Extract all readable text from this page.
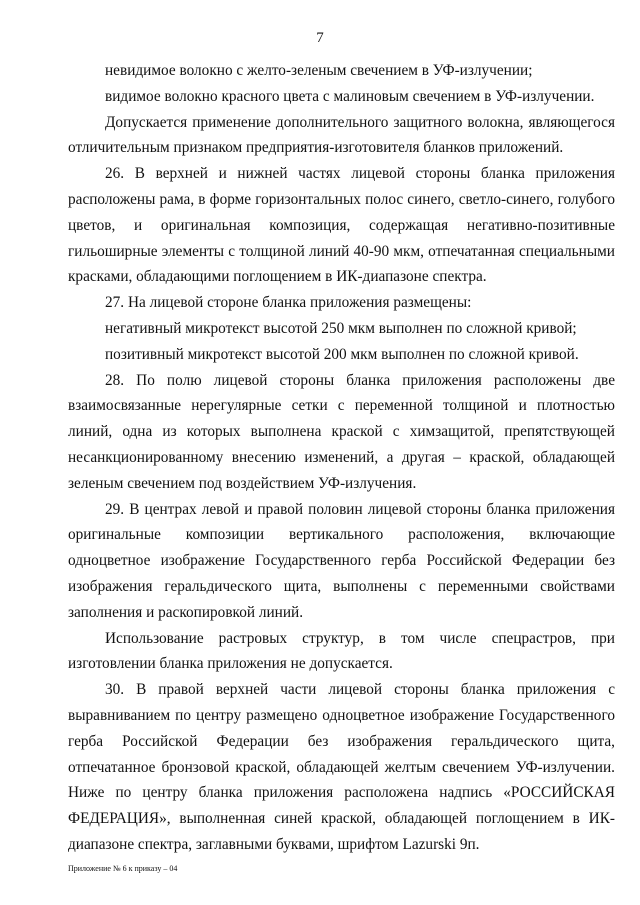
7

невидимое волокно с желто-зеленым свечением в УФ-излучении;

видимое волокно красного цвета с малиновым свечением в УФ-излучении.

Допускается применение дополнительного защитного волокна, являющегося отличительным признаком предприятия-изготовителя бланков приложений.

26. В верхней и нижней частях лицевой стороны бланка приложения расположены рама, в форме горизонтальных полос синего, светло-синего, голубого цветов, и оригинальная композиция, содержащая негативно-позитивные гильоширные элементы с толщиной линий 40-90 мкм, отпечатанная специальными красками, обладающими поглощением в ИК-диапазоне спектра.

27. На лицевой стороне бланка приложения размещены:

негативный микротекст высотой 250 мкм выполнен по сложной кривой;

позитивный микротекст высотой 200 мкм выполнен по сложной кривой.

28. По полю лицевой стороны бланка приложения расположены две взаимосвязанные нерегулярные сетки с переменной толщиной и плотностью линий, одна из которых выполнена краской с химзащитой, препятствующей несанкционированному внесению изменений, а другая – краской, обладающей зеленым свечением под воздействием УФ-излучения.

29. В центрах левой и правой половин лицевой стороны бланка приложения оригинальные композиции вертикального расположения, включающие одноцветное изображение Государственного герба Российской Федерации без изображения геральдического щита, выполнены с переменными свойствами заполнения и раскопировкой линий.

Использование растровых структур, в том числе спецрастров, при изготовлении бланка приложения не допускается.

30. В правой верхней части лицевой стороны бланка приложения с выравниванием по центру размещено одноцветное изображение Государственного герба Российской Федерации без изображения геральдического щита, отпечатанное бронзовой краской, обладающей желтым свечением УФ-излучении. Ниже по центру бланка приложения расположена надпись «РОССИЙСКАЯ ФЕДЕРАЦИЯ», выполненная синей краской, обладающей поглощением в ИК-диапазоне спектра, заглавными буквами, шрифтом Lazurski 9п.

Приложение № 6 к приказу – 04
